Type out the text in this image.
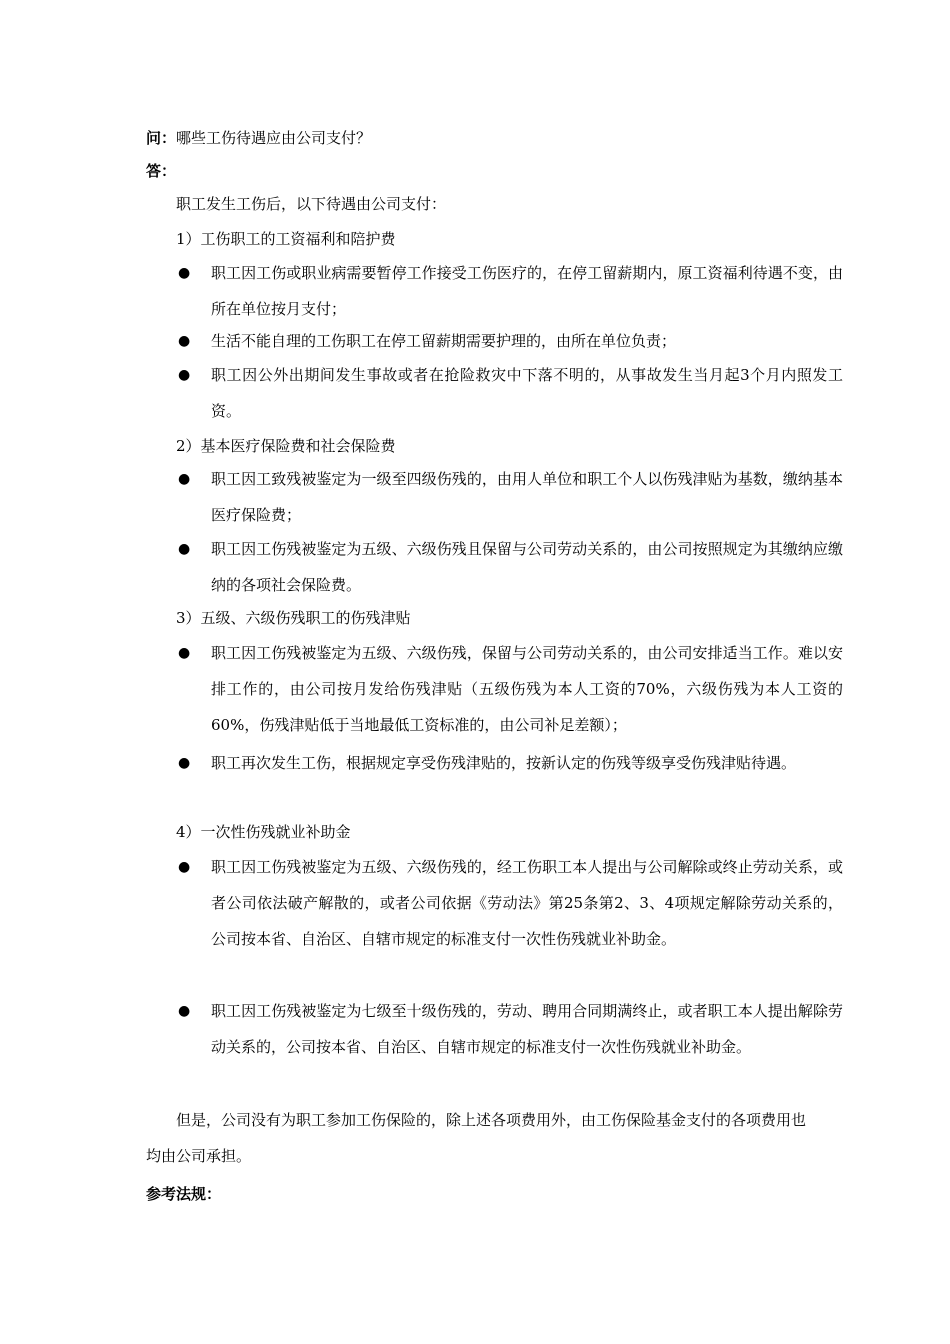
问：哪些工伤待遇应由公司支付？
答：
职工发生工伤后，以下待遇由公司支付：
1）工伤职工的工资福利和陪护费
● 职工因工伤或职业病需要暂停工作接受工伤医疗的，在停工留薪期内，原工资福利待遇不变，由所在单位按月支付；
● 生活不能自理的工伤职工在停工留薪期需要护理的，由所在单位负责；
● 职工因公外出期间发生事故或者在抢险救灾中下落不明的，从事故发生当月起3个月内照发工资。
2）基本医疗保险费和社会保险费
● 职工因工致残被鉴定为一级至四级伤残的，由用人单位和职工个人以伤残津贴为基数，缴纳基本医疗保险费；
● 职工因工伤残被鉴定为五级、六级伤残且保留与公司劳动关系的，由公司按照规定为其缴纳应缴纳的各项社会保险费。
3）五级、六级伤残职工的伤残津贴
● 职工因工伤残被鉴定为五级、六级伤残，保留与公司劳动关系的，由公司安排适当工作。难以安排工作的，由公司按月发给伤残津贴（五级伤残为本人工资的70%，六级伤残为本人工资的60%，伤残津贴低于当地最低工资标准的，由公司补足差额）；
● 职工再次发生工伤，根据规定享受伤残津贴的，按新认定的伤残等级享受伤残津贴待遇。
4）一次性伤残就业补助金
● 职工因工伤残被鉴定为五级、六级伤残的，经工伤职工本人提出与公司解除或终止劳动关系，或者公司依法破产解散的，或者公司依据《劳动法》第25条第2、3、4项规定解除劳动关系的，公司按本省、自治区、自辖市规定的标准支付一次性伤残就业补助金。
● 职工因工伤残被鉴定为七级至十级伤残的，劳动、聘用合同期满终止，或者职工本人提出解除劳动关系的，公司按本省、自治区、自辖市规定的标准支付一次性伤残就业补助金。
但是，公司没有为职工参加工伤保险的，除上述各项费用外，由工伤保险基金支付的各项费用也均由公司承担。
参考法规：
